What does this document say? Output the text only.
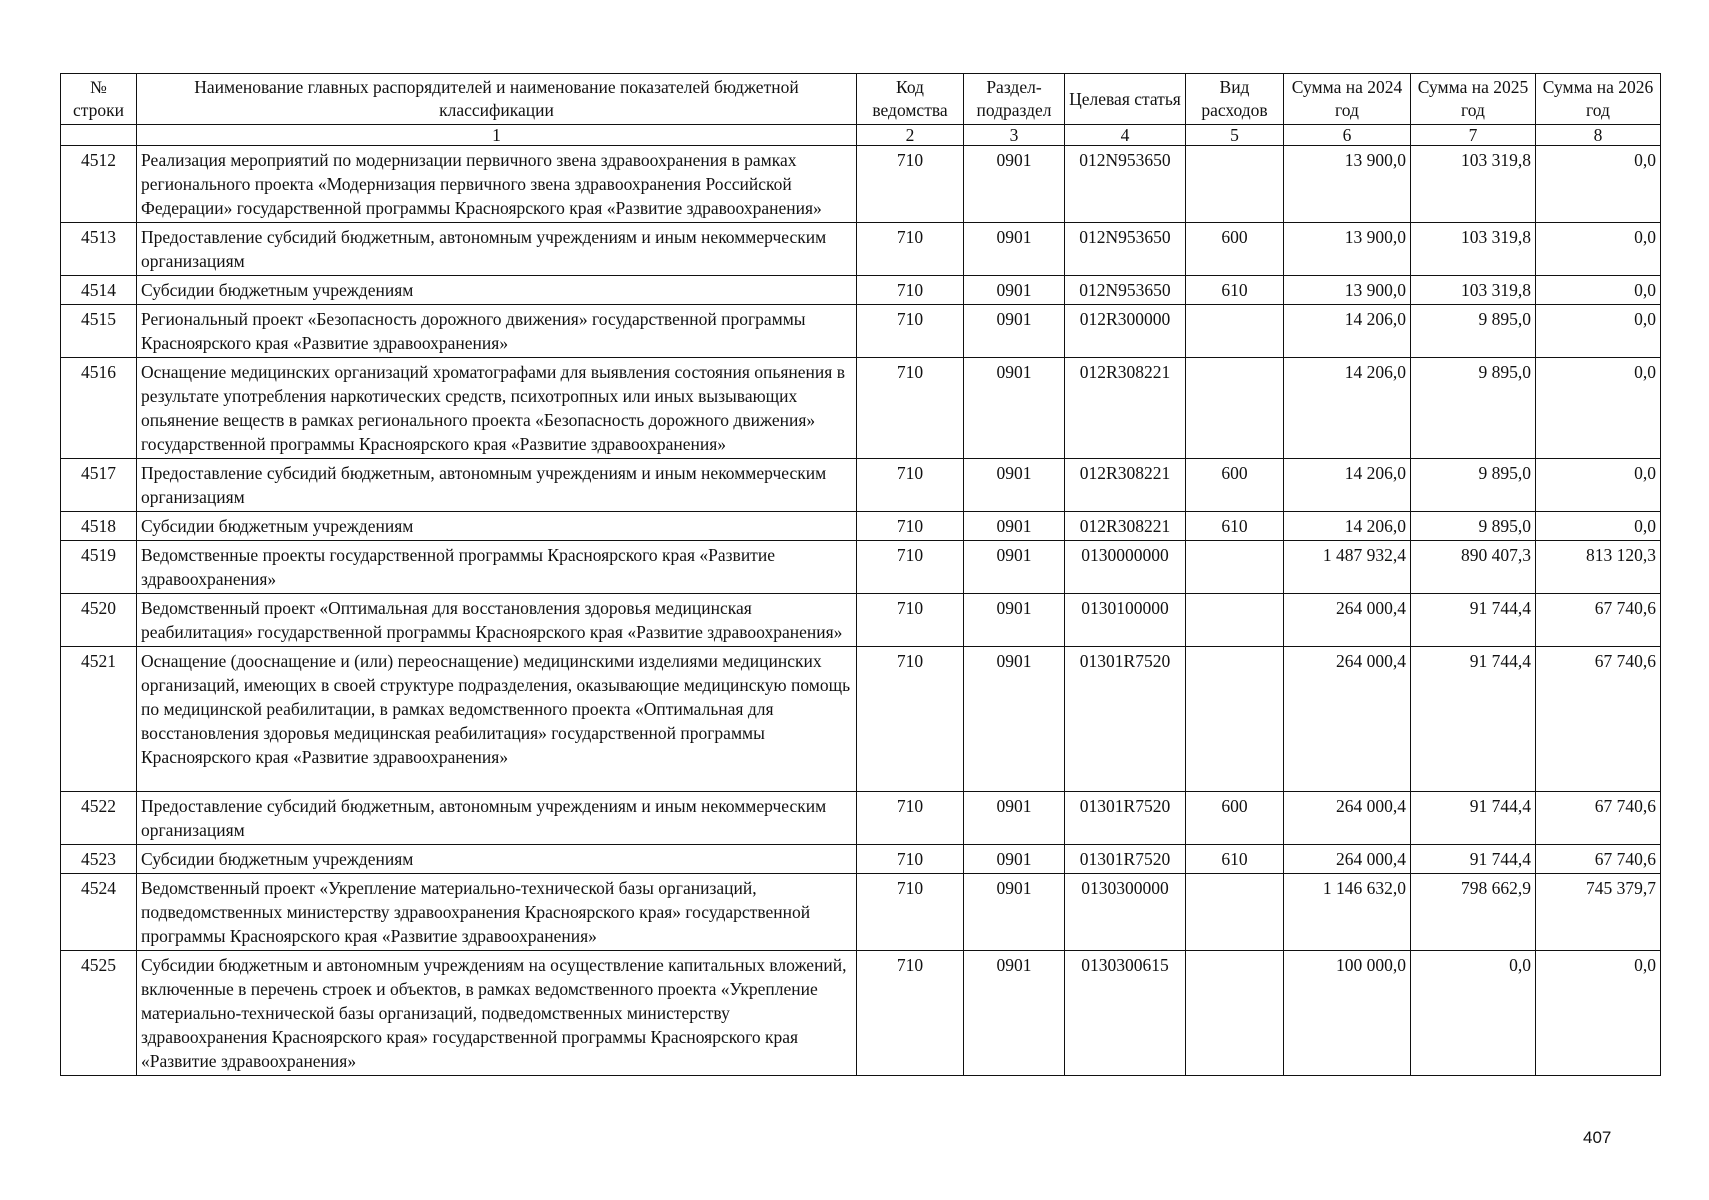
№ строки	Наименование главных распорядителей и наименование показателей бюджетной классификации	Код ведомства	Раздел-подраздел	Целевая статья	Вид расходов	Сумма на 2024 год	Сумма на 2025 год	Сумма на 2026 год
	1	2	3	4	5	6	7	8
4512	Реализация мероприятий по модернизации первичного звена здравоохранения в рамках регионального проекта «Модернизация первичного звена здравоохранения Российской Федерации» государственной программы Красноярского края «Развитие здравоохранения»	710	0901	012N953650		13 900,0	103 319,8	0,0
4513	Предоставление субсидий бюджетным, автономным учреждениям и иным некоммерческим организациям	710	0901	012N953650	600	13 900,0	103 319,8	0,0
4514	Субсидии бюджетным учреждениям	710	0901	012N953650	610	13 900,0	103 319,8	0,0
4515	Региональный проект «Безопасность дорожного движения» государственной программы Красноярского края «Развитие здравоохранения»	710	0901	012R300000		14 206,0	9 895,0	0,0
4516	Оснащение медицинских организаций хроматографами для выявления состояния опьянения в результате употребления наркотических средств, психотропных или иных вызывающих опьянение веществ в рамках регионального проекта «Безопасность дорожного движения» государственной программы Красноярского края «Развитие здравоохранения»	710	0901	012R308221		14 206,0	9 895,0	0,0
4517	Предоставление субсидий бюджетным, автономным учреждениям и иным некоммерческим организациям	710	0901	012R308221	600	14 206,0	9 895,0	0,0
4518	Субсидии бюджетным учреждениям	710	0901	012R308221	610	14 206,0	9 895,0	0,0
4519	Ведомственные проекты государственной программы Красноярского края «Развитие здравоохранения»	710	0901	0130000000		1 487 932,4	890 407,3	813 120,3
4520	Ведомственный проект «Оптимальная для восстановления здоровья медицинская реабилитация» государственной программы Красноярского края «Развитие здравоохранения»	710	0901	0130100000		264 000,4	91 744,4	67 740,6
4521	Оснащение (дооснащение и (или) переоснащение) медицинскими изделиями медицинских организаций, имеющих в своей структуре подразделения, оказывающие медицинскую помощь по медицинской реабилитации, в рамках ведомственного проекта «Оптимальная для восстановления здоровья медицинская реабилитация» государственной программы Красноярского края «Развитие здравоохранения»	710	0901	01301R7520		264 000,4	91 744,4	67 740,6
4522	Предоставление субсидий бюджетным, автономным учреждениям и иным некоммерческим организациям	710	0901	01301R7520	600	264 000,4	91 744,4	67 740,6
4523	Субсидии бюджетным учреждениям	710	0901	01301R7520	610	264 000,4	91 744,4	67 740,6
4524	Ведомственный проект «Укрепление материально-технической базы организаций, подведомственных министерству здравоохранения Красноярского края» государственной программы Красноярского края «Развитие здравоохранения»	710	0901	0130300000		1 146 632,0	798 662,9	745 379,7
4525	Субсидии бюджетным и автономным учреждениям на осуществление капитальных вложений, включенные в перечень строек и объектов, в рамках ведомственного проекта «Укрепление материально-технической базы организаций, подведомственных министерству здравоохранения Красноярского края» государственной программы Красноярского края «Развитие здравоохранения»	710	0901	0130300615		100 000,0	0,0	0,0
407
